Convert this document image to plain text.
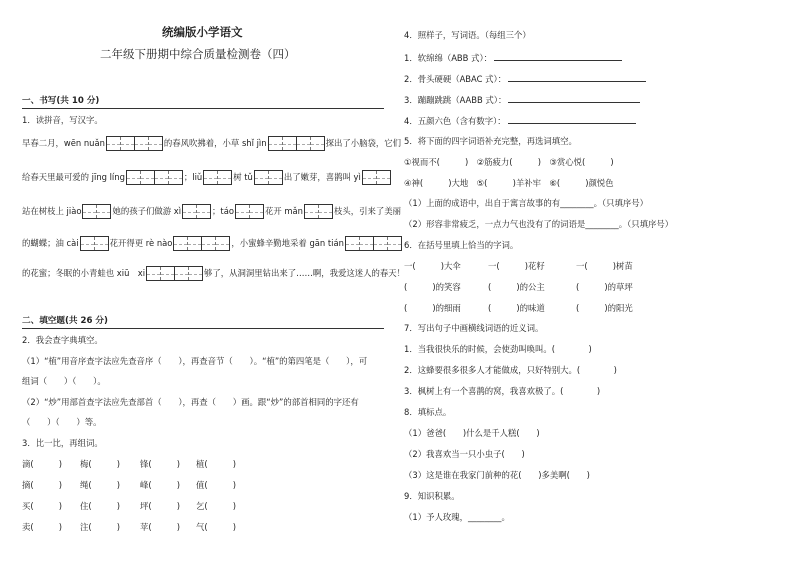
统编版小学语文
二年级下册期中综合质量检测卷（四）
一、书写(共 10 分)
1．读拼音，写汉字。
早春二月，wēn nuǎn	的春风吹拂着，小草 shǐ jìn	探出了小脑袋，它们
给春天里最可爱的 jīng líng	；liǔ	树 tǔ	出了嫩芽，喜鹊叫 yì
站在树枝上 jiào	她的孩子们做游 xì	；táo	花开 mǎn	枝头，引来了美丽
的蝴蝶；油 cài	花开得更 rè nào	，小蜜蜂辛勤地采着 gān tián
的花蜜；冬眠的小青蛙也 xiū　xi	够了，从洞洞里钻出来了……啊，我爱这迷人的春天！
二、填空题(共 26 分)
2．我会查字典填空。
（1）“植”用音序查字法应先查音序（　　），再查音节（　　）。“植”的第四笔是（　　），可
组词（　　）（　　）。
（2）“炒”用部首查字法应先查部首（　　），再查（　　）画。跟“炒”的部首相同的字还有
（　　）（　　）等。
3．比一比，再组词。
滴(　　　) 梅(　　　) 锋(　　　) 植(　　　)
摘(　　　) 绳(　　　) 峰(　　　) 值(　　　)
买(　　　) 住(　　　) 坪(　　　) 乞(　　　)
卖(　　　) 注(　　　) 苹(　　　) 气(　　　)
4．照样子，写词语。（每组三个）
1．软绵绵（ABB 式）：
2．骨头硬硬（ABAC 式）：
3．蹦蹦跳跳（AABB 式）：
4．五颜六色（含有数字）：
5．将下面的四字词语补充完整，再选词填空。
①视而不(　　　)　②筋疲力(　　　)　③赏心悦(　　　)
④神(　　　)大地　⑤(　　　)羊补牢　⑥(　　　)颜悦色
（1）上面的成语中，出自于寓言故事的有________。（只填序号）
（2）形容非常疲乏，一点力气也没有了的词语是________。（只填序号）
6．在括号里填上恰当的字词。
一(　　　)大伞	一(　　　)花籽	一(　　　)树苗
(　　　)的笑容	(　　　)的公主	(　　　)的草坪
(　　　)的细雨	(　　　)的味道	(　　　)的阳光
7．写出句子中画横线词语的近义词。
1．当我很快乐的时候，会使劲叫唤叫。(　　　　)
2．这蜂要很多很多人才能做成，只好特别大。(　　　　)
3．枫树上有一个喜鹊的窝，我喜欢极了。(　　　　)
8．填标点。
（1）爸爸(　　)什么是千人糕(　　)
（2）我喜欢当一只小虫子(　　)
（3）这是谁在我家门前种的花(　　)多美啊(　　)
9．知识积累。
（1）予人玫瑰，________。
